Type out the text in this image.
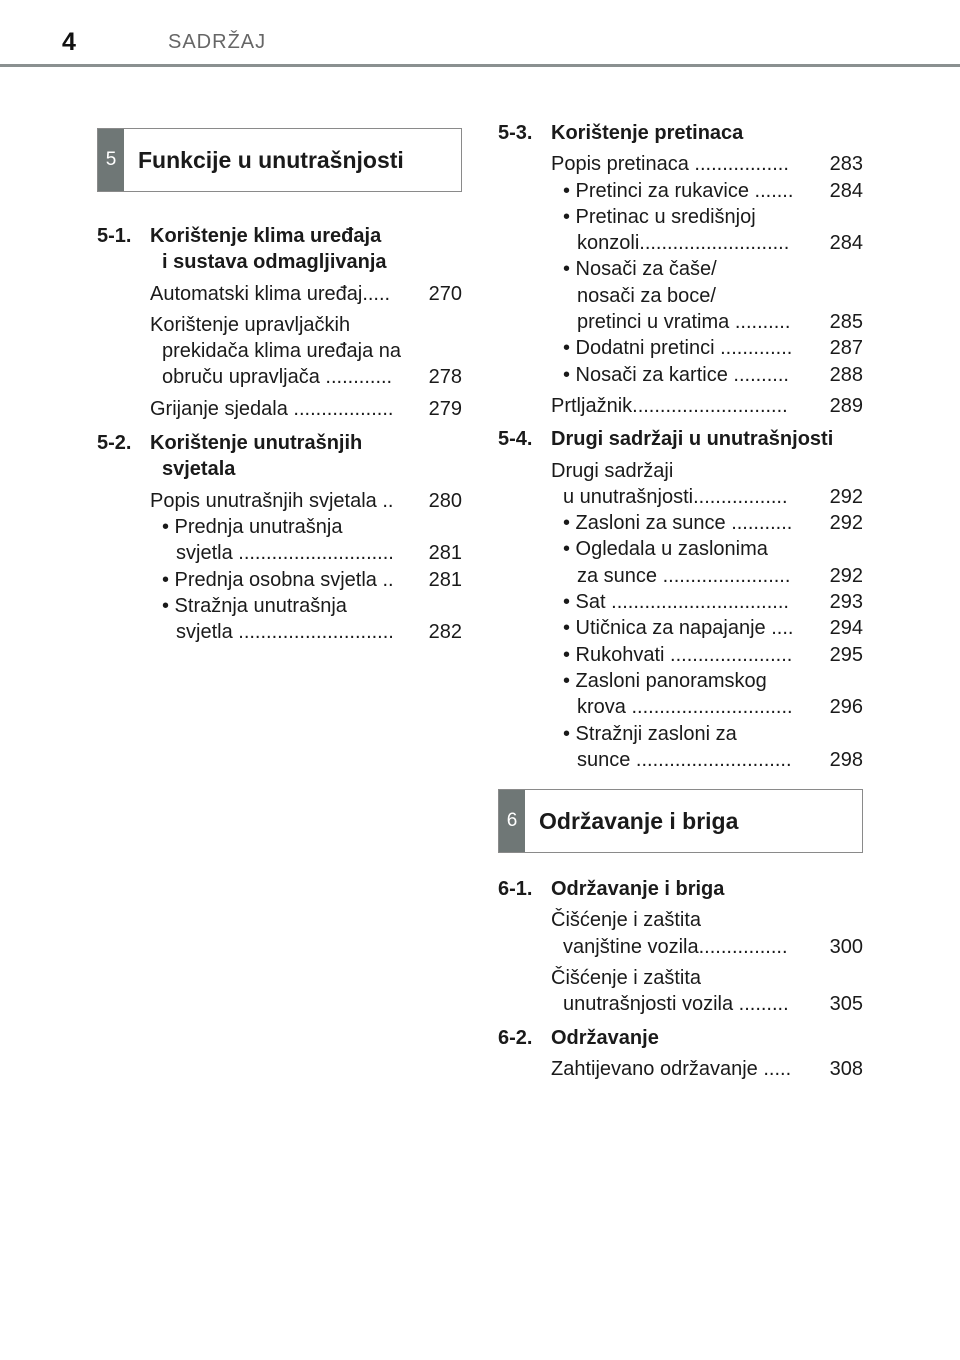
4	SADRŽAJ
5 Funkcije u unutrašnjosti
5-1. Korištenje klima uređaja
i sustava odmagljivanja
Automatski klima uređaj.....	270
Korištenje upravljačkih
prekidača klima uređaja na
obruču upravljača ............	278
Grijanje sjedala ..................	279
5-2. Korištenje unutrašnjih
svjetala
Popis unutrašnjih svjetala ..	280
• Prednja unutrašnja
svjetla ............................	281
• Prednja osobna svjetla ..	281
• Stražnja unutrašnja
svjetla ............................	282
5-3. Korištenje pretinaca
Popis pretinaca .................	283
• Pretinci za rukavice .......	284
• Pretinac u središnjoj
konzoli...........................	284
• Nosači za čaše/
nosači za boce/
pretinci u vratima ..........	285
• Dodatni pretinci .............	287
• Nosači za kartice ..........	288
Prtljažnik............................	289
5-4. Drugi sadržaji u unutrašnjosti
Drugi sadržaji
u unutrašnjosti.................	292
• Zasloni za sunce ...........	292
• Ogledala u zaslonima
za sunce .......................	292
• Sat ................................	293
• Utičnica za napajanje ....	294
• Rukohvati ......................	295
• Zasloni panoramskog
krova .............................	296
• Stražnji zasloni za
sunce ............................	298
6 Održavanje i briga
6-1. Održavanje i briga
Čišćenje i zaštita
vanjštine vozila................	300
Čišćenje i zaštita
unutrašnjosti vozila .........	305
6-2. Održavanje
Zahtijevano održavanje .....	308
